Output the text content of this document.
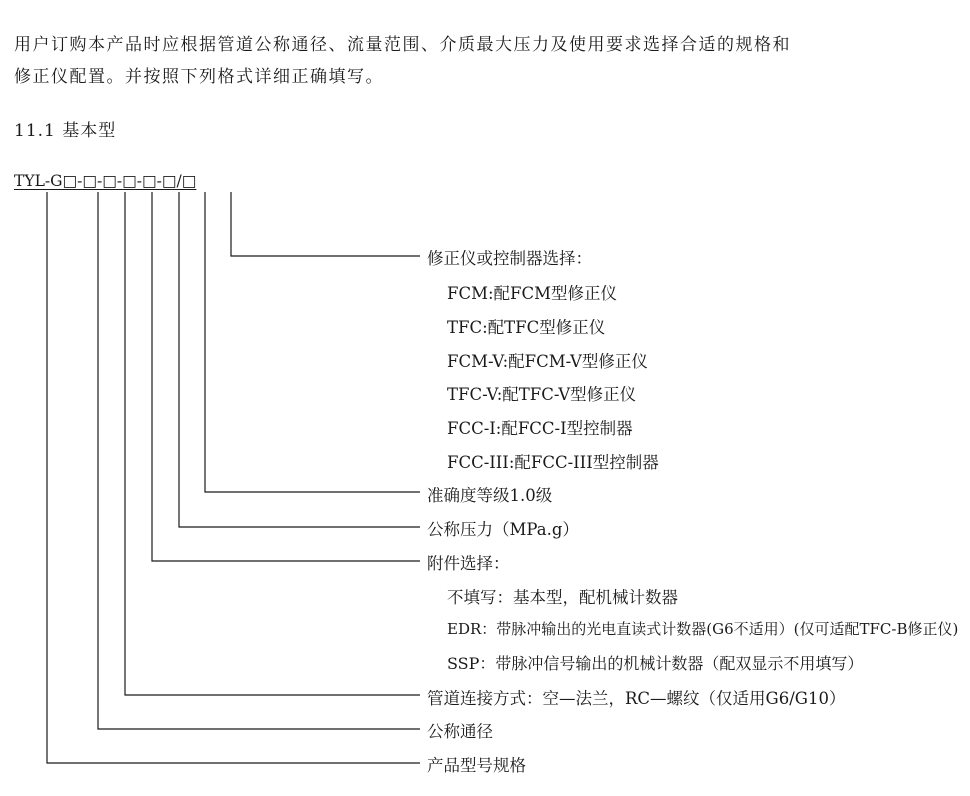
用户订购本产品时应根据管道公称通径、流量范围、介质最大压力及使用要求选择合适的规格和
修正仪配置。并按照下列格式详细正确填写。
11.1 基本型
TYL-G□-□-□-□-□-□/□
修正仪或控制器选择：
FCM:配FCM型修正仪
TFC:配TFC型修正仪
FCM-V:配FCM-V型修正仪
TFC-V:配TFC-V型修正仪
FCC-I:配FCC-I型控制器
FCC-III:配FCC-III型控制器
准确度等级1.0级
公称压力（MPa.g）
附件选择：
不填写：基本型，配机械计数器
EDR：带脉冲输出的光电直读式计数器(G6不适用）(仅可适配TFC-B修正仪)
SSP：带脉冲信号输出的机械计数器（配双显示不用填写）
管道连接方式：空—法兰，RC—螺纹（仅适用G6/G10）
公称通径
产品型号规格
